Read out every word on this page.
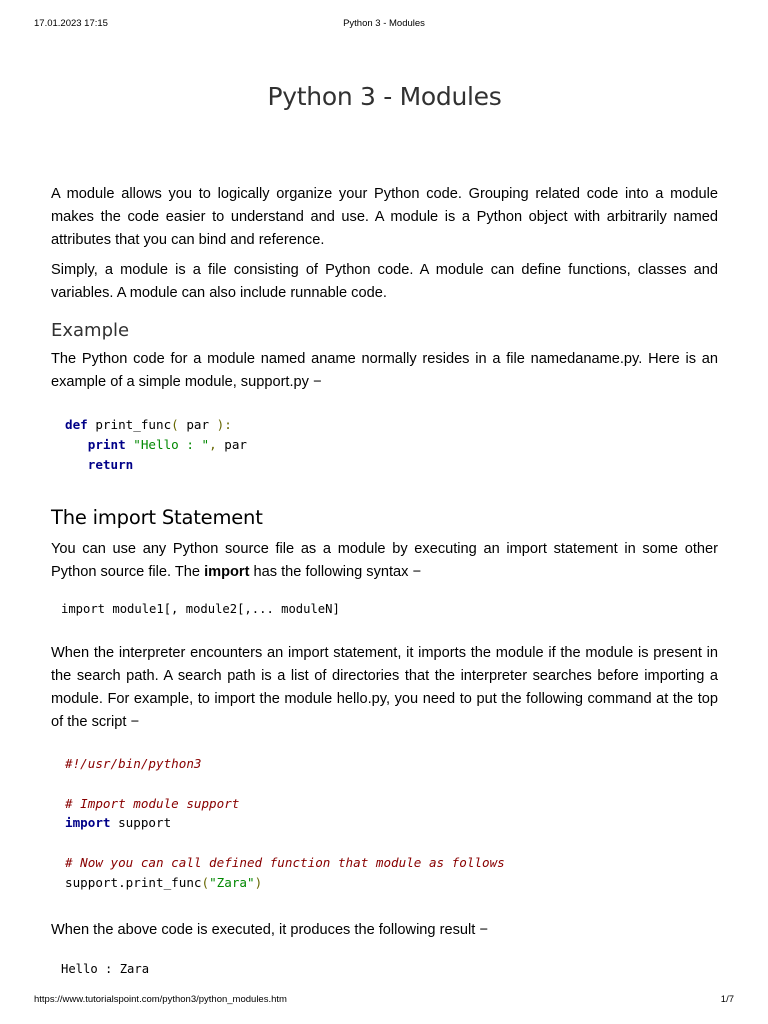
17.01.2023 17:15	Python 3 - Modules
Python 3 - Modules

A module allows you to logically organize your Python code. Grouping related code into a module makes the code easier to understand and use. A module is a Python object with arbitrarily named attributes that you can bind and reference.

Simply, a module is a file consisting of Python code. A module can define functions, classes and variables. A module can also include runnable code.

Example

The Python code for a module named aname normally resides in a file namedaname.py. Here is an example of a simple module, support.py −

def print_func( par ):
print "Hello : ", par
return
The import Statement

You can use any Python source file as a module by executing an import statement in some other Python source file. The import has the following syntax −

import module1[, module2[,... moduleN]

When the interpreter encounters an import statement, it imports the module if the module is present in the search path. A search path is a list of directories that the interpreter searches before importing a module. For example, to import the module hello.py, you need to put the following command at the top of the script −

#!/usr/bin/python3

# Import module support
import support

# Now you can call defined function that module as follows
support.print_func("Zara")

When the above code is executed, it produces the following result −

Hello : Zara
https://www.tutorialspoint.com/python3/python_modules.htm	1/7
